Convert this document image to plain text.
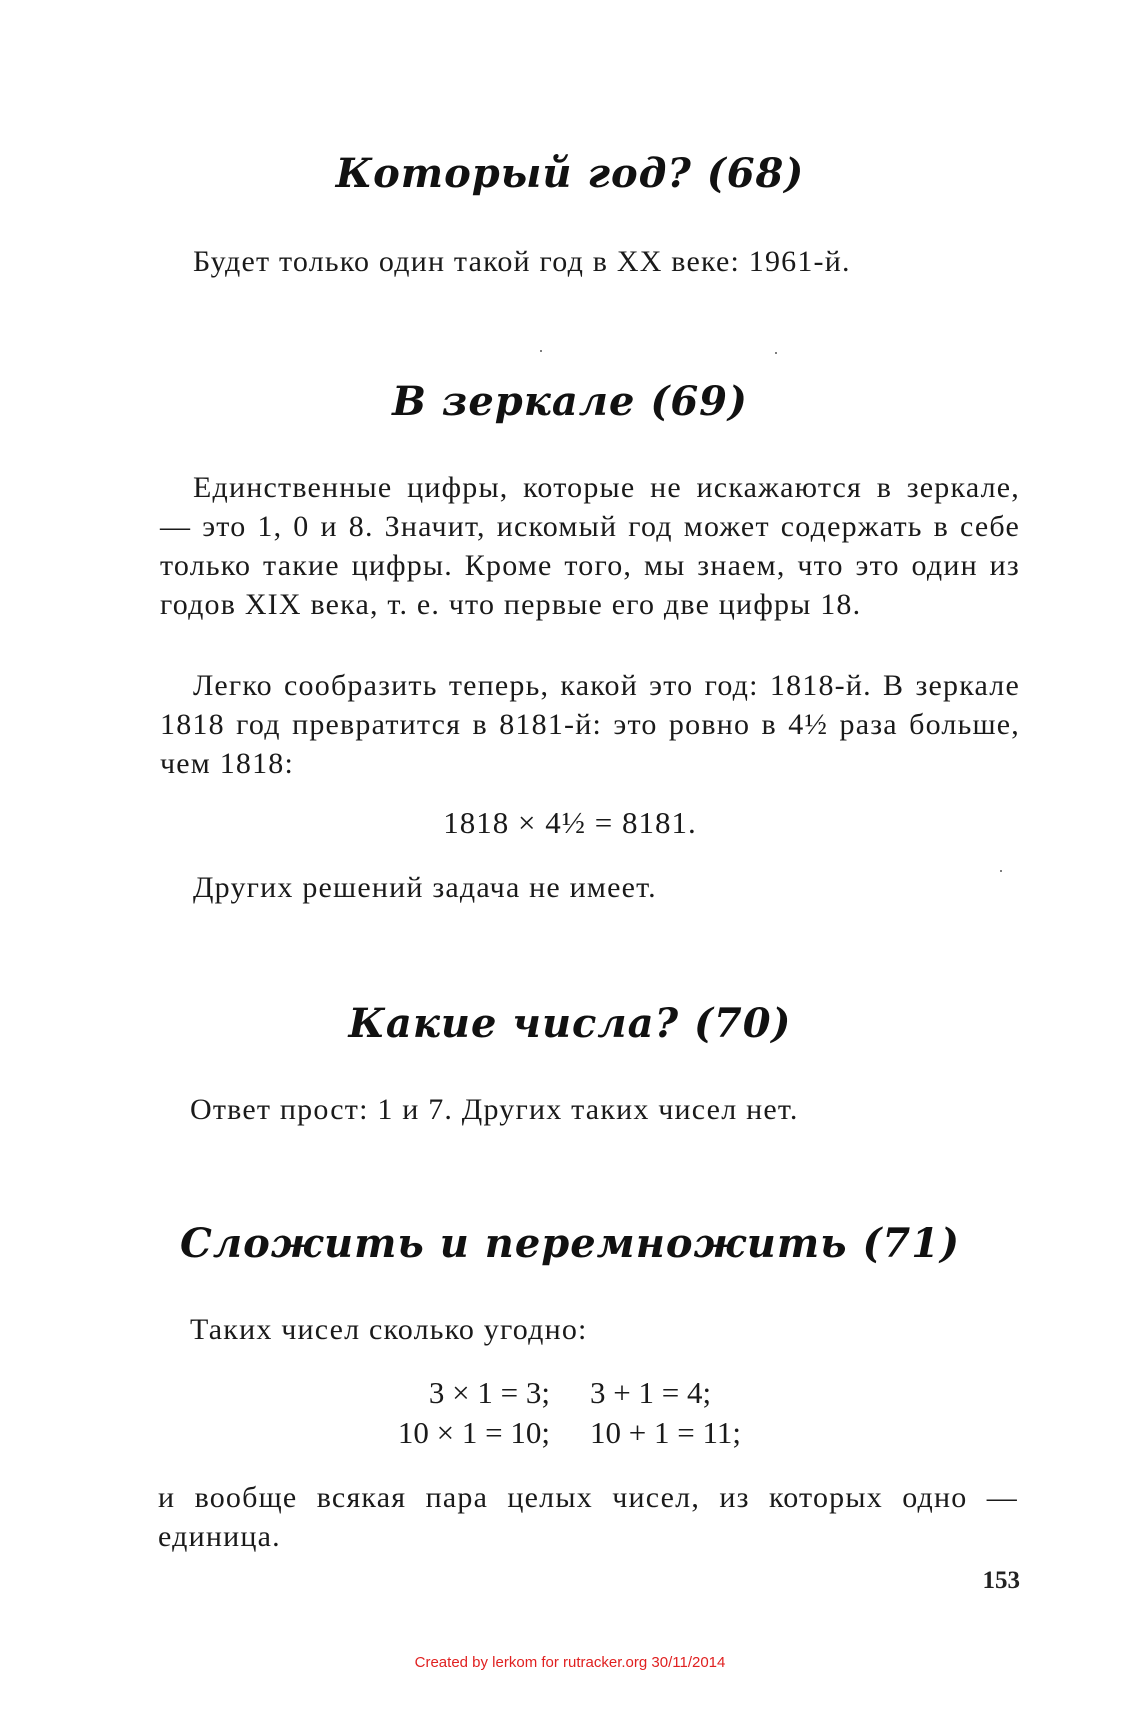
Который год? (68)
Будет только один такой год в XX веке: 1961-й.
В зеркале (69)
Единственные цифры, которые не искажаются в зеркале, — это 1, 0 и 8. Значит, искомый год может содержать в себе только такие цифры. Кроме того, мы знаем, что это один из годов XIX века, т. е. что первые его две цифры 18.
Легко сообразить теперь, какой это год: 1818-й. В зеркале 1818 год превратится в 8181-й: это ровно в 4½ раза больше, чем 1818:
1818 × 4½ = 8181.
Других решений задача не имеет.
Какие числа? (70)
Ответ прост: 1 и 7. Других таких чисел нет.
Сложить и перемножить (71)
Таких чисел сколько угодно:
3 × 1 = 3; 3 + 1 = 4;
10 × 1 = 10; 10 + 1 = 11;
и вообще всякая пара целых чисел, из которых одно — единица.
153
Created by lerkom for rutracker.org 30/11/2014
